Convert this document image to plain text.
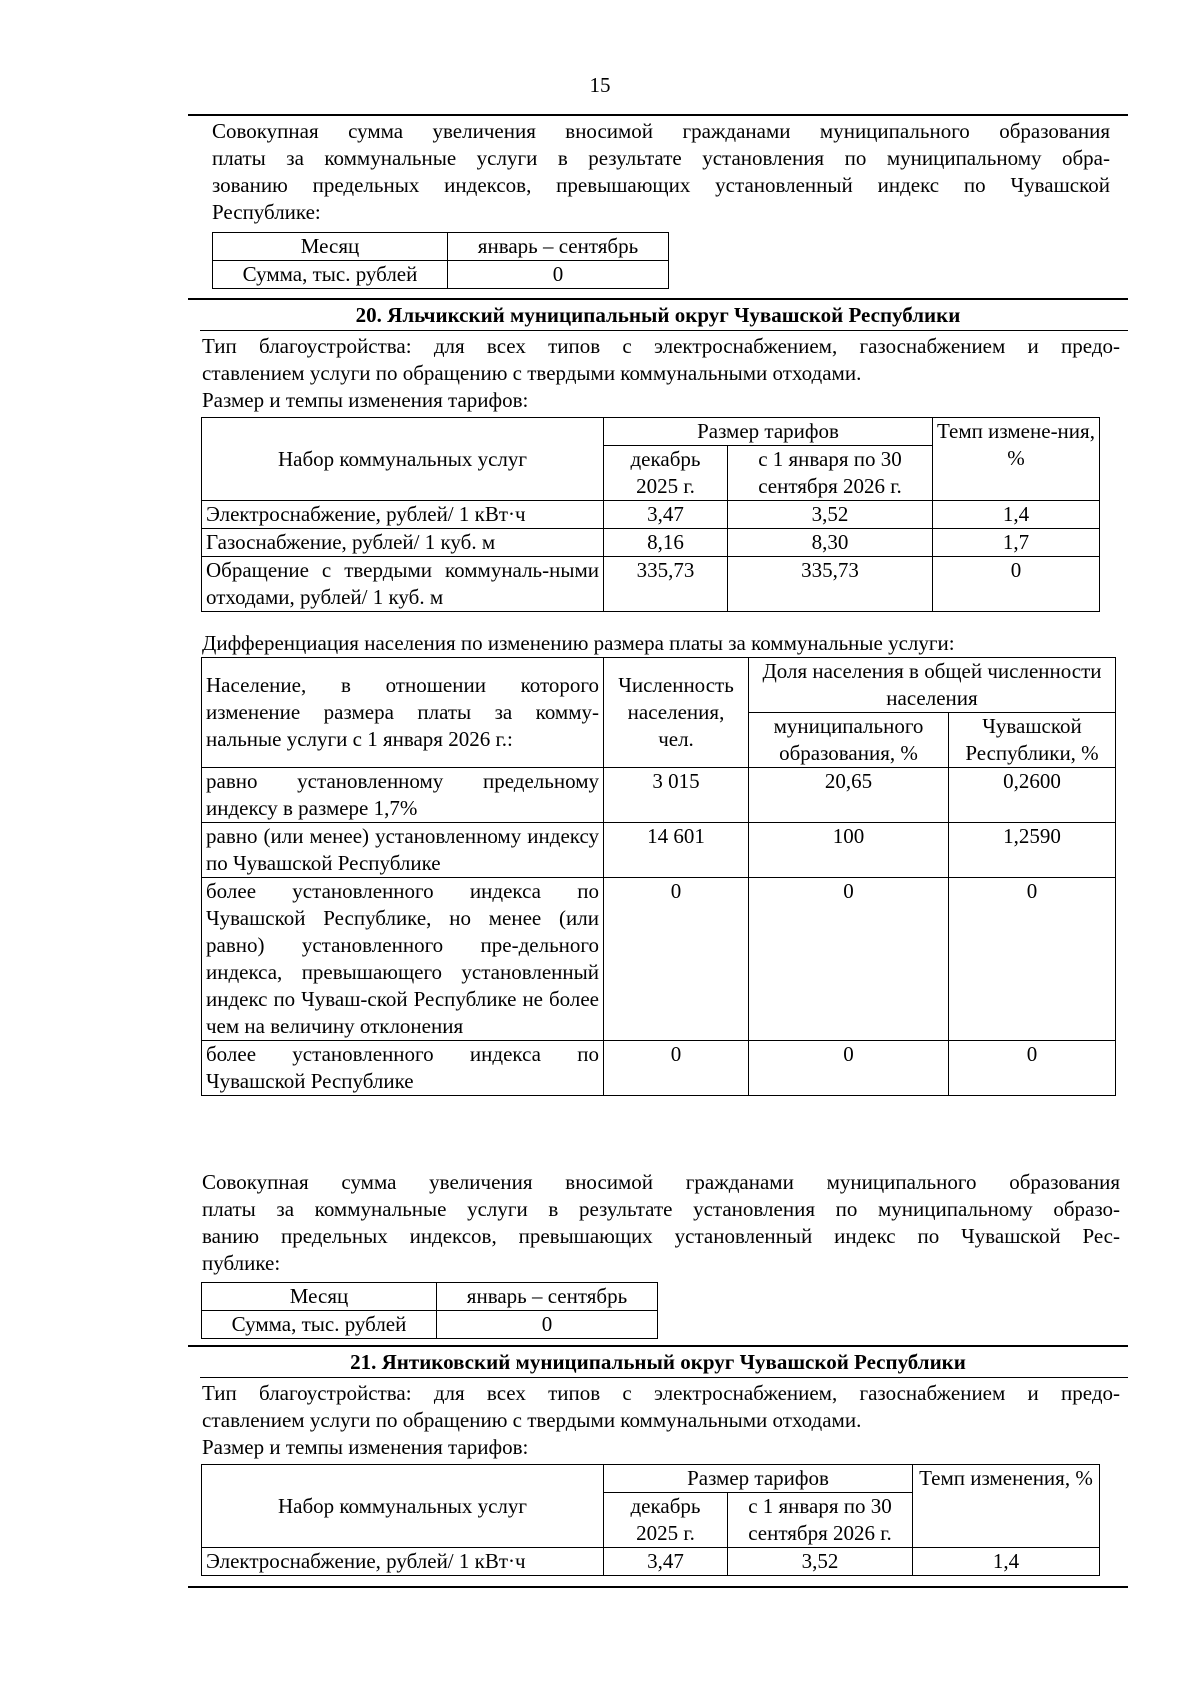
15
Совокупная сумма увеличения вносимой гражданами муниципального образования
платы за коммунальные услуги в результате установления по муниципальному обра-
зованию предельных индексов, превышающих установленный индекс по Чувашской
Республике:
Месяц	январь – сентябрь
Сумма, тыс. рублей	0
20. Яльчикский муниципальный округ Чувашской Республики
Тип благоустройства: для всех типов с электроснабжением, газоснабжением и предо-
ставлением услуги по обращению с твердыми коммунальными отходами.
Размер и темпы изменения тарифов:
Набор коммунальных услуг	Размер тарифов		Темп измене-ния, %
	декабрь 2025 г.	с 1 января по 30 сентября 2026 г.	
Электроснабжение, рублей/ 1 кВт·ч	3,47	3,52	1,4
Газоснабжение, рублей/ 1 куб. м	8,16	8,30	1,7
Обращение с твердыми коммуналь-ными отходами, рублей/ 1 куб. м	335,73	335,73	0
Дифференциация населения по изменению размера платы за коммунальные услуги:
Население, в отношении которого изменение размера платы за комму-нальные услуги с 1 января 2026 г.:	Численность населения, чел.	Доля населения в общей численности населения	
		муниципального образования, %	Чувашской Республики, %
равно установленному предельному индексу в размере 1,7%	3 015	20,65	0,2600
равно (или менее) установленному индексу по Чувашской Республике	14 601	100	1,2590
более установленного индекса по Чувашской Республике, но менее (или равно) установленного пре-дельного индекса, превышающего установленный индекс по Чуваш-ской Республике не более чем на величину отклонения	0	0	0
более установленного индекса по Чувашской Республике	0	0	0
Совокупная сумма увеличения вносимой гражданами муниципального образования
платы за коммунальные услуги в результате установления по муниципальному образо-
ванию предельных индексов, превышающих установленный индекс по Чувашской Рес-
публике:
Месяц	январь – сентябрь
Сумма, тыс. рублей	0
21. Янтиковский муниципальный округ Чувашской Республики
Тип благоустройства: для всех типов с электроснабжением, газоснабжением и предо-
ставлением услуги по обращению с твердыми коммунальными отходами.
Размер и темпы изменения тарифов:
Набор коммунальных услуг	Размер тарифов		Темп изменения, %
	декабрь 2025 г.	с 1 января по 30 сентября 2026 г.	
Электроснабжение, рублей/ 1 кВт·ч	3,47	3,52	1,4
